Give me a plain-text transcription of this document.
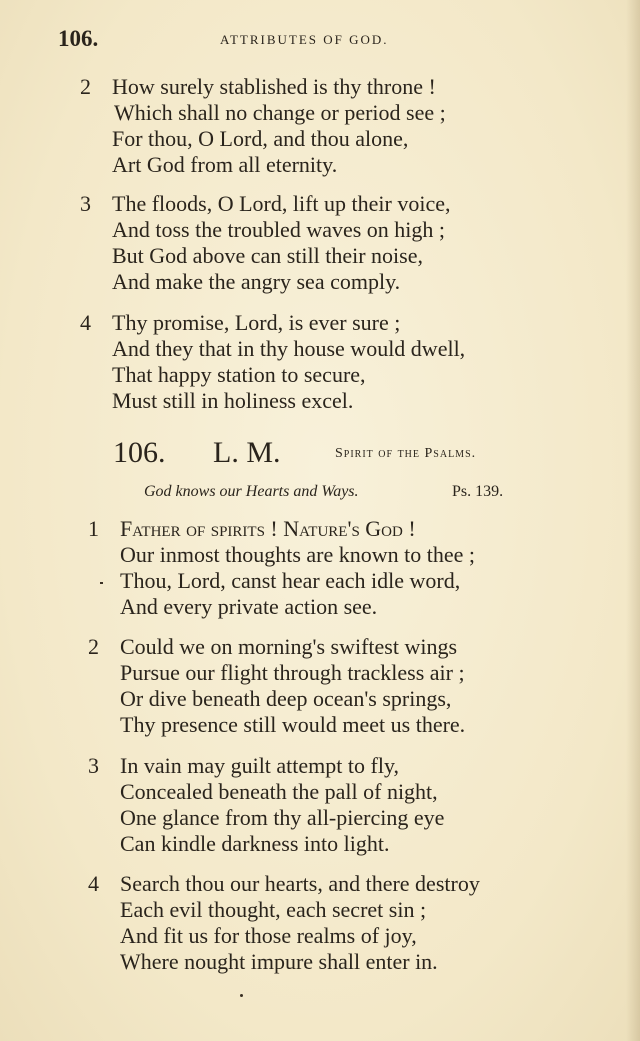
106.	ATTRIBUTES OF GOD.
2 How surely stablished is thy throne !
Which shall no change or period see ;
For thou, O Lord, and thou alone,
Art God from all eternity.
3 The floods, O Lord, lift up their voice,
And toss the troubled waves on high ;
But God above can still their noise,
And make the angry sea comply.
4 Thy promise, Lord, is ever sure ;
And they that in thy house would dwell,
That happy station to secure,
Must still in holiness excel.
106. L. M.	Spirit of the Psalms.
God knows our Hearts and Ways.	Ps. 139.
1 Father of spirits ! Nature's God !
Our inmost thoughts are known to thee ;
Thou, Lord, canst hear each idle word,
And every private action see.
2 Could we on morning's swiftest wings
Pursue our flight through trackless air ;
Or dive beneath deep ocean's springs,
Thy presence still would meet us there.
3 In vain may guilt attempt to fly,
Concealed beneath the pall of night,
One glance from thy all-piercing eye
Can kindle darkness into light.
4 Search thou our hearts, and there destroy
Each evil thought, each secret sin ;
And fit us for those realms of joy,
Where nought impure shall enter in.
